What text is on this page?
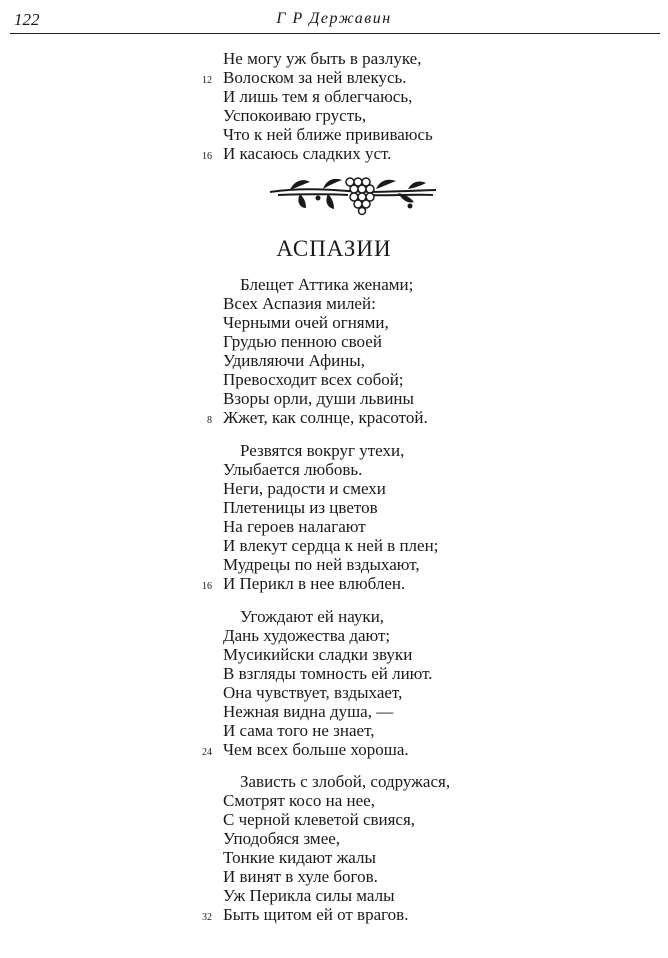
122	Г Р Державин
Не могу уж быть в разлуке,
12 Волоском за ней влекусь.
И лишь тем я облегчаюсь,
Успокоиваю грусть,
Что к ней ближе прививаюсь
16 И касаюсь сладких уст.
АСПАЗИИ
Блещет Аттика женами;
Всех Аспазия милей:
Черными очей огнями,
Грудью пенною своей
Удивляючи Афины,
Превосходит всех собой;
Взоры орли, души львины
8 Жжет, как солнце, красотой.
Резвятся вокруг утехи,
Улыбается любовь.
Неги, радости и смехи
Плетеницы из цветов
На героев налагают
И влекут сердца к ней в плен;
Мудрецы по ней вздыхают,
16 И Перикл в нее влюблен.
Угождают ей науки,
Дань художества дают;
Мусикийски сладки звуки
В взгляды томность ей лиют.
Она чувствует, вздыхает,
Нежная видна душа, —
И сама того не знает,
24 Чем всех больше хороша.
Зависть с злобой, содружася,
Смотрят косо на нее,
С черной клеветой свияся,
Уподобяся змее,
Тонкие кидают жалы
И винят в хуле богов.
Уж Перикла силы малы
32 Быть щитом ей от врагов.
